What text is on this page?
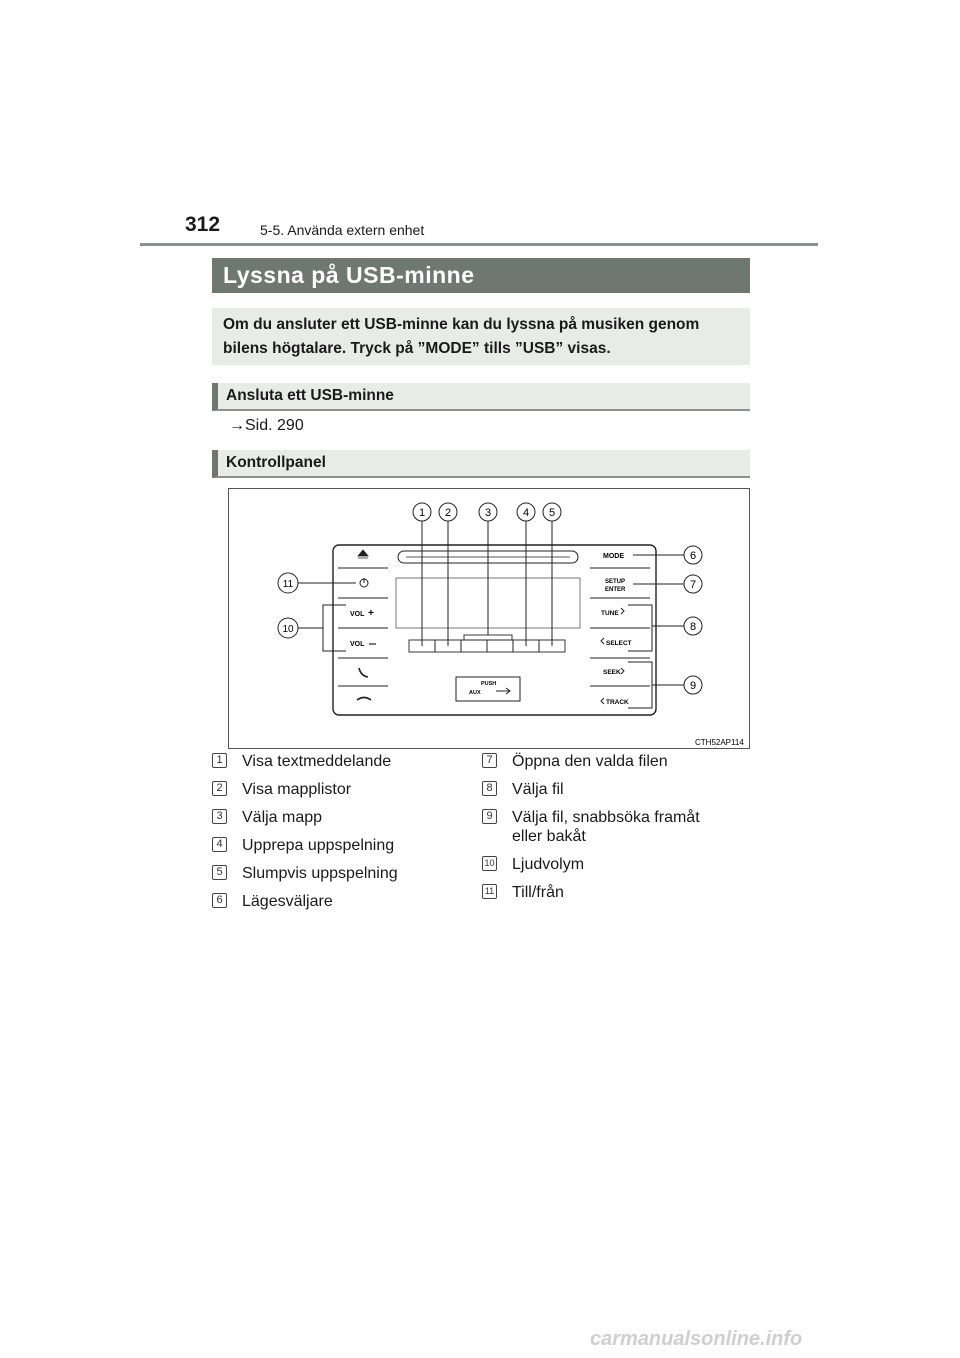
312	5-5. Använda extern enhet
Lyssna på USB-minne
Om du ansluter ett USB-minne kan du lyssna på musiken genom bilens högtalare. Tryck på ”MODE” tills ”USB” visas.
Ansluta ett USB-minne
→Sid. 290
Kontrollpanel
VOL +
VOL
MODE
SETUP
ENTER
TUNE
SELECT
SEEK
TRACK
PUSH
AUX
1 2	3	4 5
6
7
8
9
10
11
CTH52AP114
1 Visa textmeddelande
2 Visa mapplistor
3 Välja mapp
4 Upprepa uppspelning
5 Slumpvis uppspelning
6 Lägesväljare
7 Öppna den valda filen
8 Välja fil
9 Välja fil, snabbsöka framåt eller bakåt
10 Ljudvolym
11 Till/från
carmanualsonline.info
